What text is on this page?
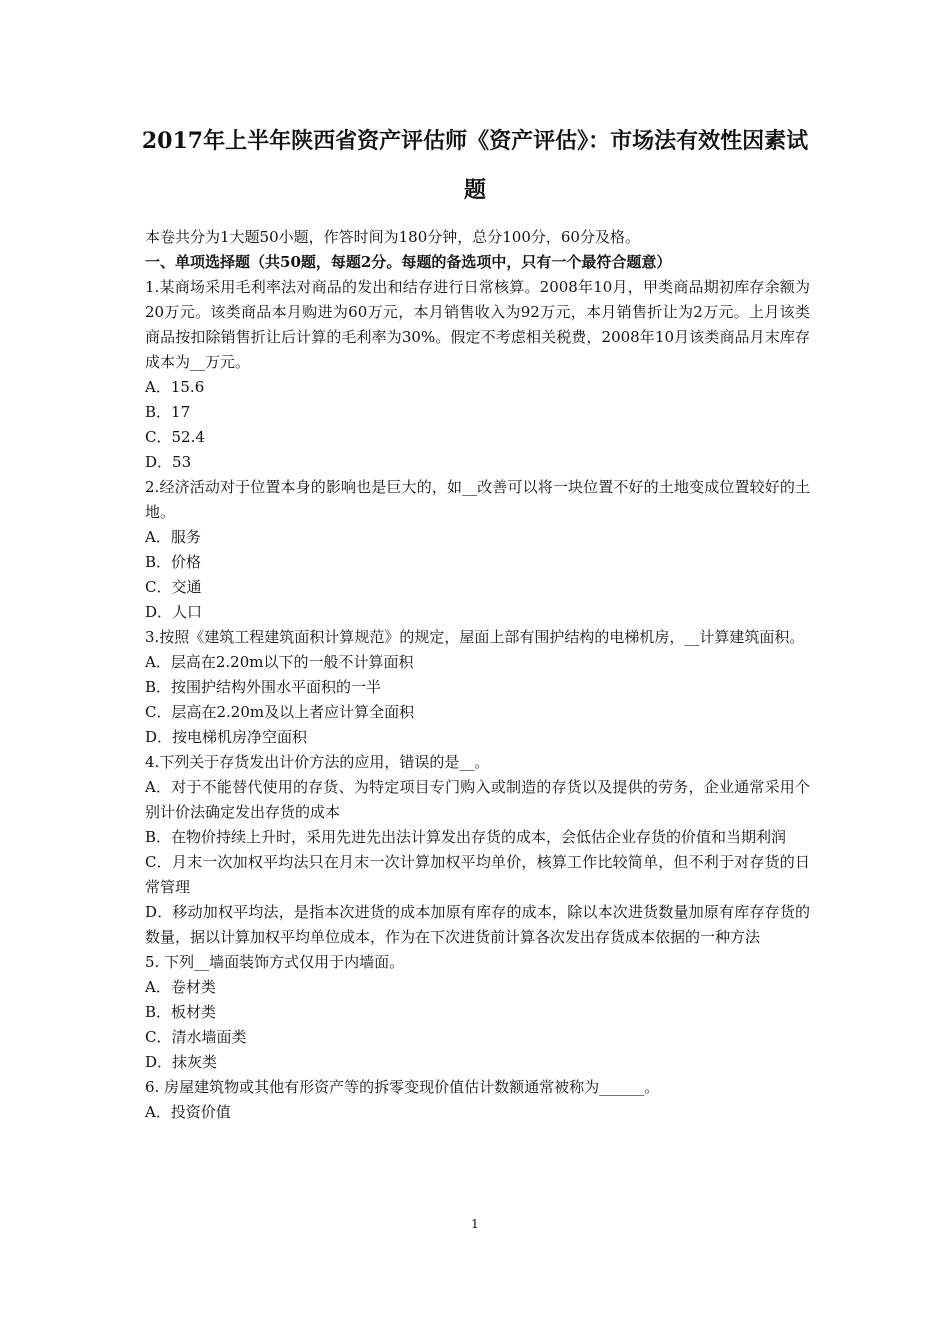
2017年上半年陕西省资产评估师《资产评估》：市场法有效性因素试
题

本卷共分为1大题50小题，作答时间为180分钟，总分100分，60分及格。

一、单项选择题（共50题，每题2分。每题的备选项中，只有一个最符合题意）

1.某商场采用毛利率法对商品的发出和结存进行日常核算。2008年10月，甲类商品期初库存余额为20万元。该类商品本月购进为60万元，本月销售收入为92万元，本月销售折让为2万元。上月该类商品按扣除销售折让后计算的毛利率为30%。假定不考虑相关税费，2008年10月该类商品月末库存成本为__万元。

A．15.6

B．17

C．52.4

D．53

2.经济活动对于位置本身的影响也是巨大的，如__改善可以将一块位置不好的土地变成位置较好的土地。

A．服务

B．价格

C．交通

D．人口

3.按照《建筑工程建筑面积计算规范》的规定，屋面上部有围护结构的电梯机房，__计算建筑面积。

A．层高在2.20m以下的一般不计算面积

B．按围护结构外围水平面积的一半

C．层高在2.20m及以上者应计算全面积

D．按电梯机房净空面积

4.下列关于存货发出计价方法的应用，错误的是__。

A．对于不能替代使用的存货、为特定项目专门购入或制造的存货以及提供的劳务，企业通常采用个别计价法确定发出存货的成本

B．在物价持续上升时，采用先进先出法计算发出存货的成本，会低估企业存货的价值和当期利润

C．月末一次加权平均法只在月末一次计算加权平均单价，核算工作比较简单，但不利于对存货的日常管理

D．移动加权平均法，是指本次进货的成本加原有库存的成本，除以本次进货数量加原有库存存货的数量，据以计算加权平均单位成本，作为在下次进货前计算各次发出存货成本依据的一种方法

5. 下列__墙面装饰方式仅用于内墙面。

A．卷材类

B．板材类

C．清水墙面类

D．抹灰类

6. 房屋建筑物或其他有形资产等的拆零变现价值估计数额通常被称为______。

A．投资价值

1
